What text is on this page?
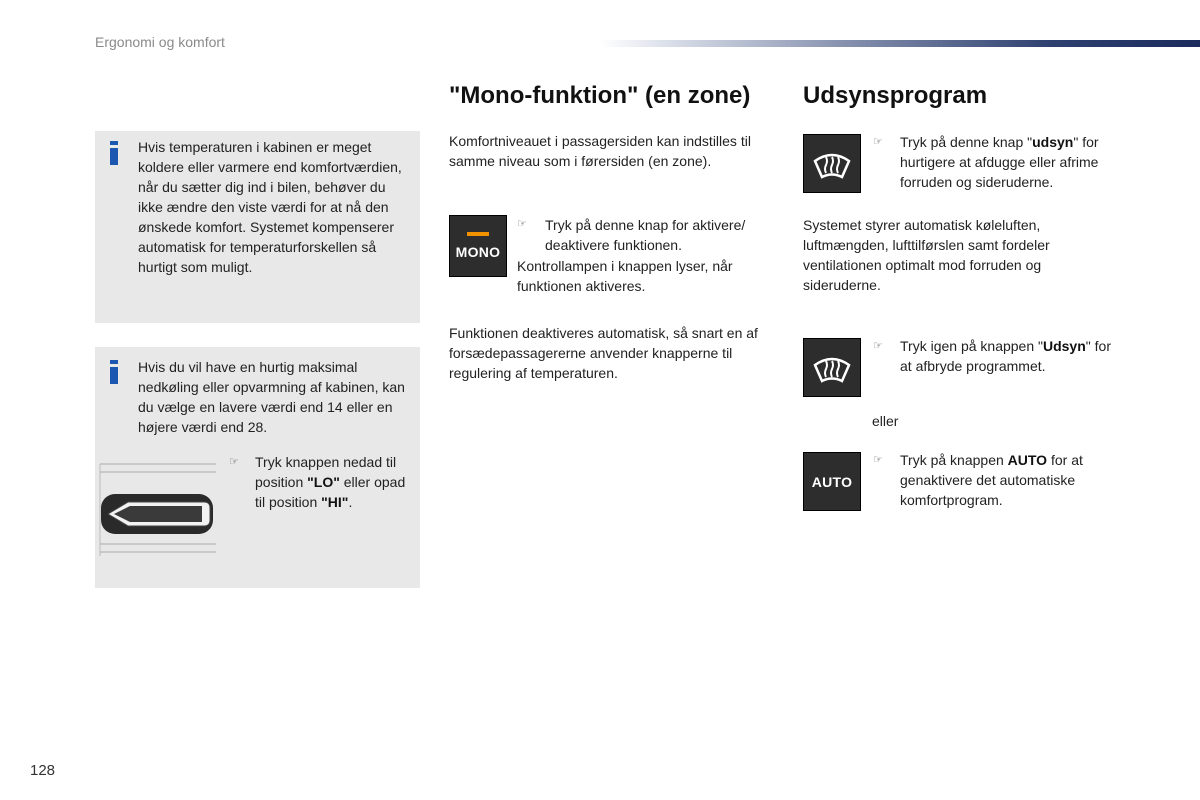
Ergonomi og komfort
Hvis temperaturen i kabinen er meget koldere eller varmere end komfortværdien, når du sætter dig ind i bilen, behøver du ikke ændre den viste værdi for at nå den ønskede komfort. Systemet kompenserer automatisk for temperaturforskellen så hurtigt som muligt.
Hvis du vil have en hurtig maksimal nedkøling eller opvarmning af kabinen, kan du vælge en lavere værdi end 14 eller en højere værdi end 28.
☞	Tryk knappen nedad til position "LO" eller opad til position "HI".
"Mono-funktion" (en zone)
Komfortniveauet i passagersiden kan indstilles til samme niveau som i førersiden (en zone).
MONO
☞	Tryk på denne knap for aktivere/ deaktivere funktionen.
Kontrollampen i knappen lyser, når funktionen aktiveres.
Funktionen deaktiveres automatisk, så snart en af forsædepassagererne anvender knapperne til regulering af temperaturen.
Udsynsprogram
☞	Tryk på denne knap "udsyn" for hurtigere at afdugge eller afrime forruden og sideruderne.
Systemet styrer automatisk køleluften, luftmængden, lufttilførslen samt fordeler ventilationen optimalt mod forruden og sideruderne.
☞	Tryk igen på knappen "Udsyn" for at afbryde programmet.
eller
AUTO
☞	Tryk på knappen AUTO for at genaktivere det automatiske komfortprogram.
128
